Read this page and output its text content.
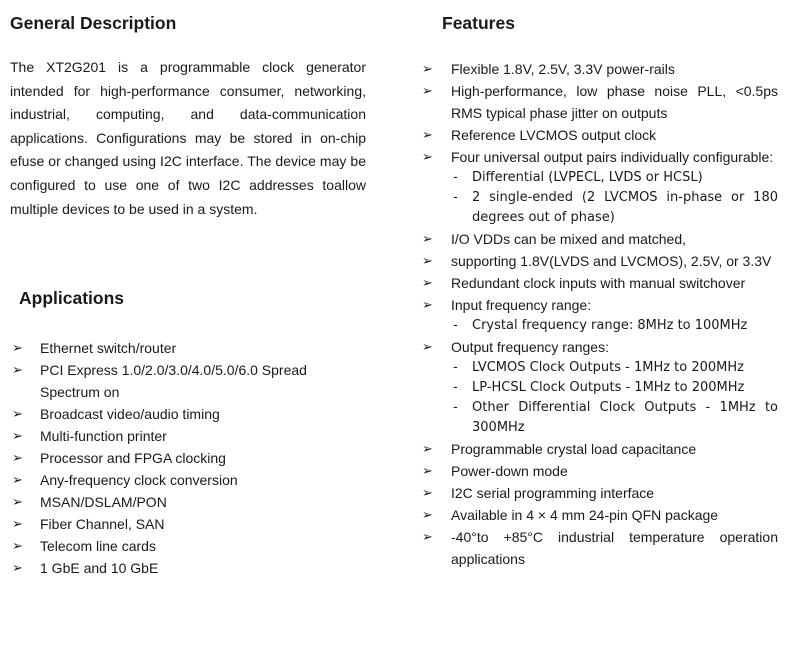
General Description

The XT2G201 is a programmable clock generator intended for high-performance consumer, networking, industrial, computing, and data-communication applications. Configurations may be stored in on-chip efuse or changed using I2C interface. The device may be configured to use one of two I2C addresses toallow multiple devices to be used in a system.

Applications
➢ Ethernet switch/router
➢ PCI Express 1.0/2.0/3.0/4.0/5.0/6.0 Spread Spectrum on
➢ Broadcast video/audio timing
➢ Multi-function printer
➢ Processor and FPGA clocking
➢ Any-frequency clock conversion
➢ MSAN/DSLAM/PON
➢ Fiber Channel, SAN
➢ Telecom line cards
➢ 1 GbE and 10 GbE
Features
➢ Flexible 1.8V, 2.5V, 3.3V power-rails
➢ High-performance, low phase noise PLL, <0.5ps RMS typical phase jitter on outputs
➢ Reference LVCMOS output clock
➢ Four universal output pairs individually configurable:
- Differential (LVPECL, LVDS or HCSL)
- 2 single-ended (2 LVCMOS in-phase or 180 degrees out of phase)
➢ I/O VDDs can be mixed and matched,
➢ supporting 1.8V(LVDS and LVCMOS), 2.5V, or 3.3V
➢ Redundant clock inputs with manual switchover
➢ Input frequency range:
- Crystal frequency range: 8MHz to 100MHz
➢ Output frequency ranges:
- LVCMOS Clock Outputs - 1MHz to 200MHz
- LP-HCSL Clock Outputs - 1MHz to 200MHz
- Other Differential Clock Outputs - 1MHz to 300MHz
➢ Programmable crystal load capacitance
➢ Power-down mode
➢ I2C serial programming interface
➢ Available in 4 × 4 mm 24-pin QFN package
➢ -40°to +85°C industrial temperature operation applications
